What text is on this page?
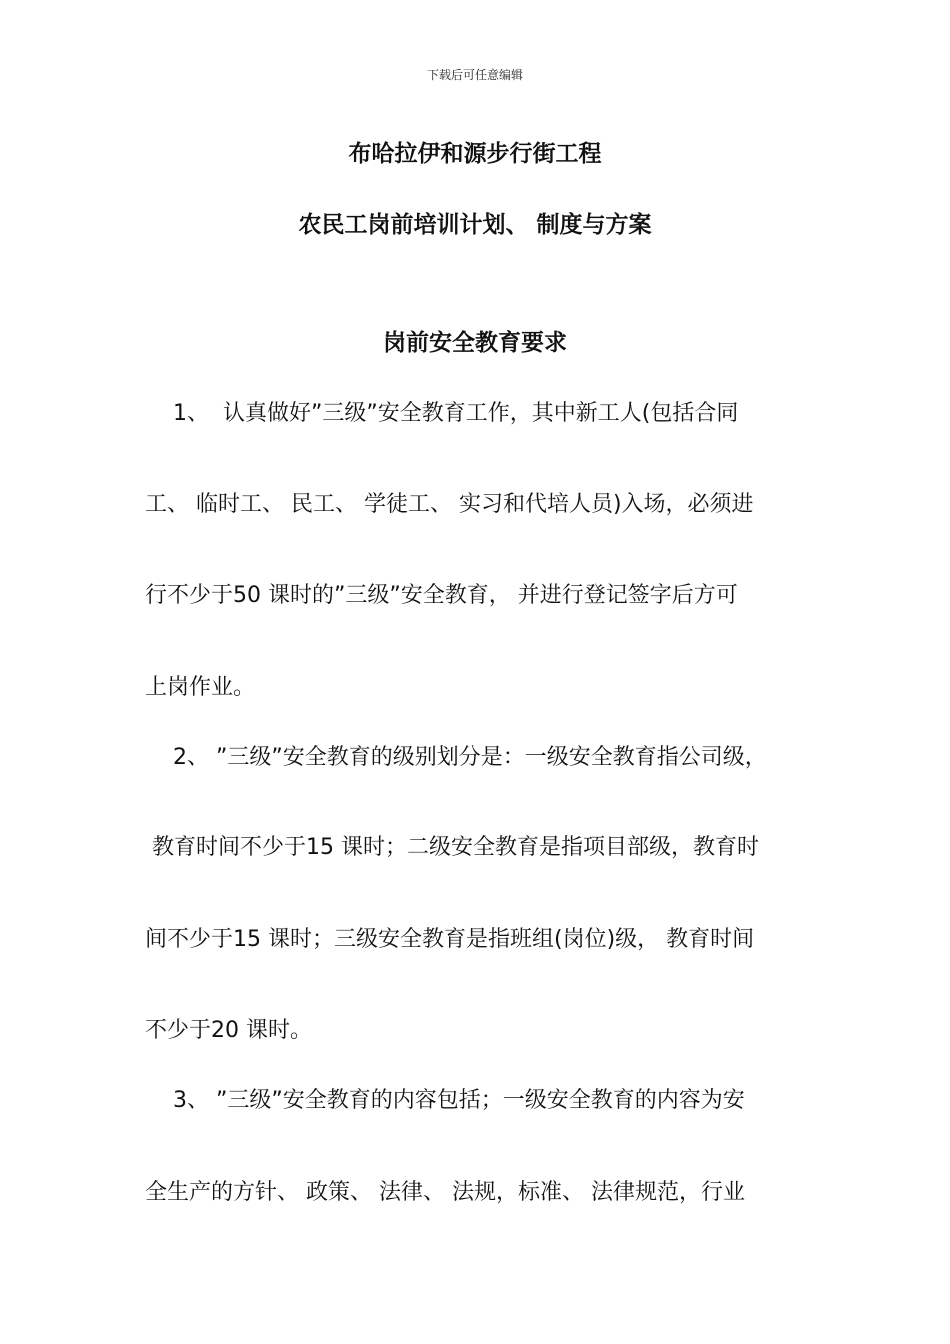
下载后可任意编辑
布哈拉伊和源步行街工程
农民工岗前培训计划、 制度与方案
岗前安全教育要求
1、  认真做好”三级”安全教育工作，其中新工人(包括合同
工、 临时工、 民工、 学徒工、 实习和代培人员)入场，必须进
行不少于50 课时的”三级”安全教育， 并进行登记签字后方可
上岗作业。
2、 ”三级”安全教育的级别划分是：一级安全教育指公司级，
教育时间不少于15 课时；二级安全教育是指项目部级，教育时
间不少于15 课时；三级安全教育是指班组(岗位)级， 教育时间
不少于20 课时。
3、 ”三级”安全教育的内容包括；一级安全教育的内容为安
全生产的方针、 政策、 法律、 法规，标准、 法律规范，行业
